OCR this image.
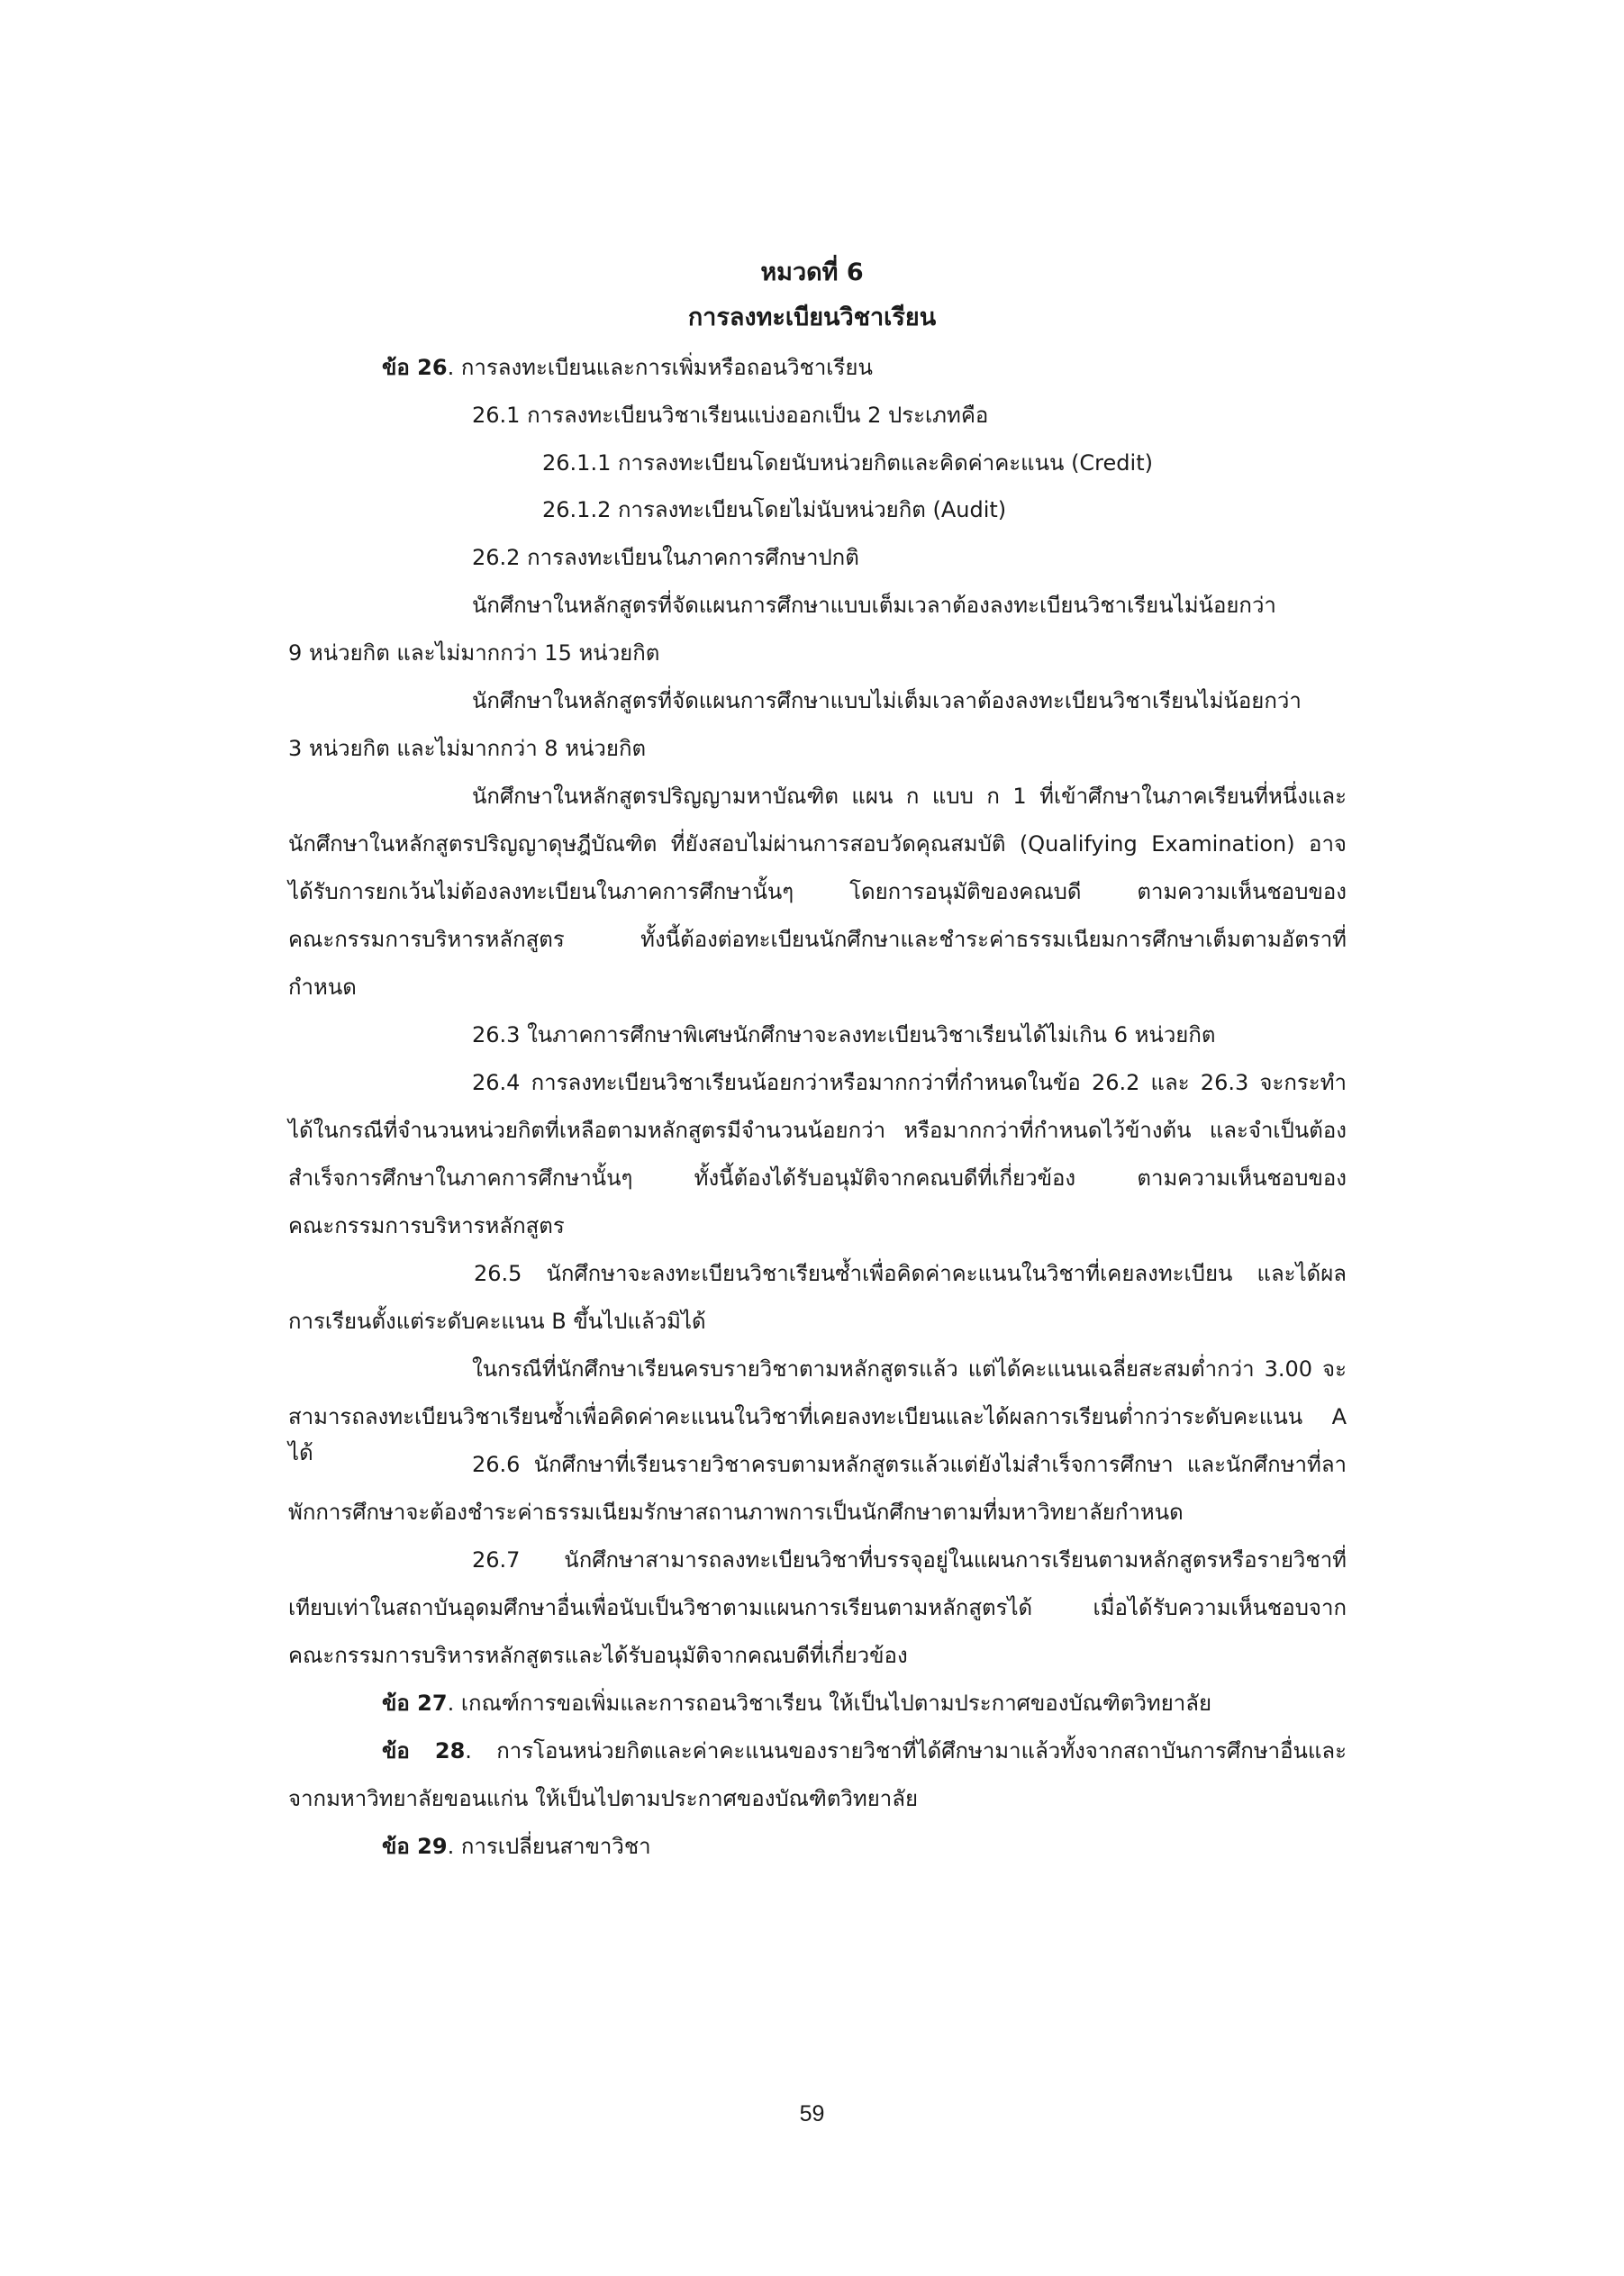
หมวดที่ 6
การลงทะเบียนวิชาเรียน
ข้อ 26. การลงทะเบียนและการเพิ่มหรือถอนวิชาเรียน
26.1 การลงทะเบียนวิชาเรียนแบ่งออกเป็น 2 ประเภทคือ
26.1.1 การลงทะเบียนโดยนับหน่วยกิตและคิดค่าคะแนน (Credit)
26.1.2 การลงทะเบียนโดยไม่นับหน่วยกิต (Audit)
26.2 การลงทะเบียนในภาคการศึกษาปกติ
นักศึกษาในหลักสูตรที่จัดแผนการศึกษาแบบเต็มเวลาต้องลงทะเบียนวิชาเรียนไม่น้อยกว่า
9 หน่วยกิต และไม่มากกว่า 15 หน่วยกิต
นักศึกษาในหลักสูตรที่จัดแผนการศึกษาแบบไม่เต็มเวลาต้องลงทะเบียนวิชาเรียนไม่น้อยกว่า
3 หน่วยกิต และไม่มากกว่า 8 หน่วยกิต
นักศึกษาในหลักสูตรปริญญามหาบัณฑิต แผน ก แบบ ก 1 ที่เข้าศึกษาในภาคเรียนที่หนึ่งและ
นักศึกษาในหลักสูตรปริญญาดุษฎีบัณฑิต ที่ยังสอบไม่ผ่านการสอบวัดคุณสมบัติ (Qualifying Examination) อาจ
ได้รับการยกเว้นไม่ต้องลงทะเบียนในภาคการศึกษานั้นๆ โดยการอนุมัติของคณบดี ตามความเห็นชอบของ
คณะกรรมการบริหารหลักสูตร ทั้งนี้ต้องต่อทะเบียนนักศึกษาและชำระค่าธรรมเนียมการศึกษาเต็มตามอัตราที่
กำหนด
26.3 ในภาคการศึกษาพิเศษนักศึกษาจะลงทะเบียนวิชาเรียนได้ไม่เกิน 6 หน่วยกิต
26.4 การลงทะเบียนวิชาเรียนน้อยกว่าหรือมากกว่าที่กำหนดในข้อ 26.2 และ 26.3 จะกระทำ
ได้ในกรณีที่จำนวนหน่วยกิตที่เหลือตามหลักสูตรมีจำนวนน้อยกว่า หรือมากกว่าที่กำหนดไว้ข้างต้น และจำเป็นต้อง
สำเร็จการศึกษาในภาคการศึกษานั้นๆ ทั้งนี้ต้องได้รับอนุมัติจากคณบดีที่เกี่ยวข้อง ตามความเห็นชอบของ
คณะกรรมการบริหารหลักสูตร
26.5 นักศึกษาจะลงทะเบียนวิชาเรียนซ้ำเพื่อคิดค่าคะแนนในวิชาที่เคยลงทะเบียน และได้ผล
การเรียนตั้งแต่ระดับคะแนน B ขึ้นไปแล้วมิได้
ในกรณีที่นักศึกษาเรียนครบรายวิชาตามหลักสูตรแล้ว แต่ได้คะแนนเฉลี่ยสะสมต่ำกว่า 3.00 จะ
สามารถลงทะเบียนวิชาเรียนซ้ำเพื่อคิดค่าคะแนนในวิชาที่เคยลงทะเบียนและได้ผลการเรียนต่ำกว่าระดับคะแนน A ได้	26.6 นักศึกษาที่เรียนรายวิชาครบตามหลักสูตรแล้วแต่ยังไม่สำเร็จการศึกษา และนักศึกษาที่ลา
พักการศึกษาจะต้องชำระค่าธรรมเนียมรักษาสถานภาพการเป็นนักศึกษาตามที่มหาวิทยาลัยกำหนด
26.7 นักศึกษาสามารถลงทะเบียนวิชาที่บรรจุอยู่ในแผนการเรียนตามหลักสูตรหรือรายวิชาที่
เทียบเท่าในสถาบันอุดมศึกษาอื่นเพื่อนับเป็นวิชาตามแผนการเรียนตามหลักสูตรได้ เมื่อได้รับความเห็นชอบจาก
คณะกรรมการบริหารหลักสูตรและได้รับอนุมัติจากคณบดีที่เกี่ยวข้อง
ข้อ 27. เกณฑ์การขอเพิ่มและการถอนวิชาเรียน ให้เป็นไปตามประกาศของบัณฑิตวิทยาลัย
ข้อ 28. การโอนหน่วยกิตและค่าคะแนนของรายวิชาที่ได้ศึกษามาแล้วทั้งจากสถาบันการศึกษาอื่นและ
จากมหาวิทยาลัยขอนแก่น ให้เป็นไปตามประกาศของบัณฑิตวิทยาลัย
ข้อ 29. การเปลี่ยนสาขาวิชา
59
